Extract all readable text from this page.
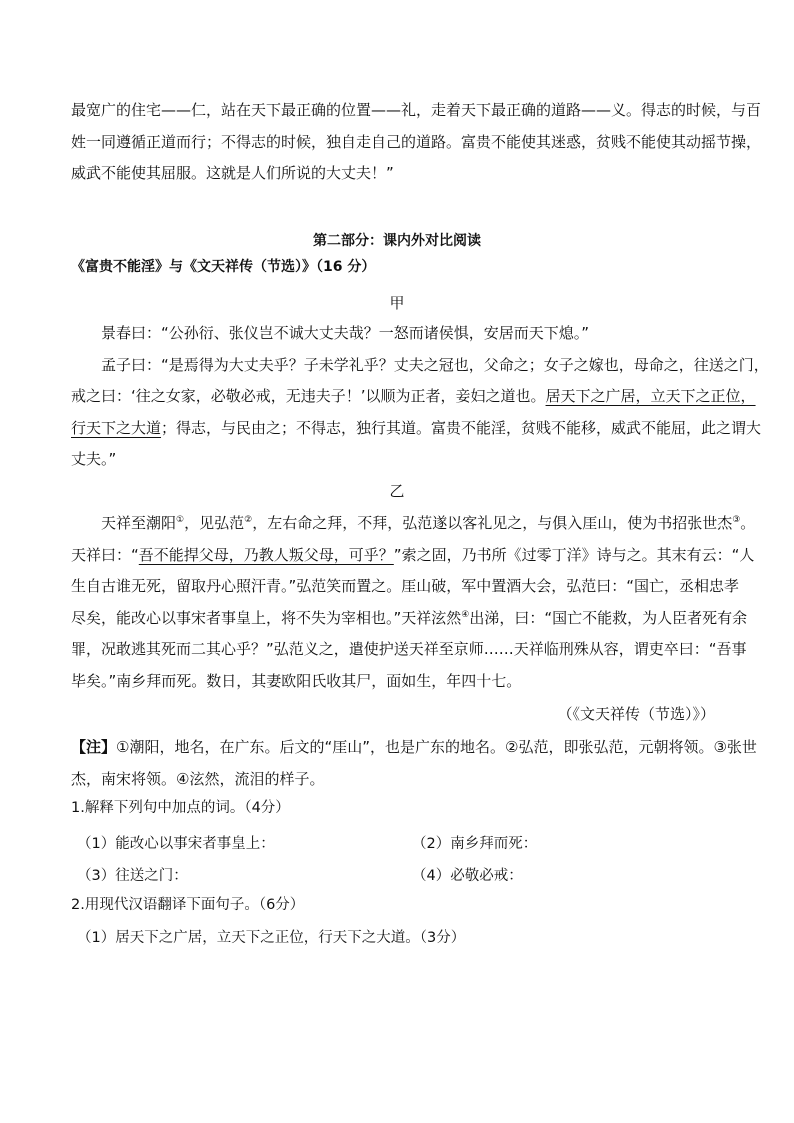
最宽广的住宅——仁，站在天下最正确的位置——礼，走着天下最正确的道路——义。得志的时候，与百
姓一同遵循正道而行；不得志的时候，独自走自己的道路。富贵不能使其迷惑，贫贱不能使其动摇节操，
威武不能使其屈服。这就是人们所说的大丈夫！”

第二部分：课内外对比阅读

《富贵不能淫》与《文天祥传（节选）》（16 分）

甲

景春曰：“公孙衍、张仪岂不诚大丈夫哉？一怒而诸侯惧，安居而天下熄。”
孟子曰：“是焉得为大丈夫乎？子未学礼乎？丈夫之冠也，父命之；女子之嫁也，母命之，往送之门，
戒之曰：‘往之女家，必敬必戒，无违夫子！’以顺为正者，妾妇之道也。居天下之广居，立天下之正位，
行天下之大道；得志，与民由之；不得志，独行其道。富贵不能淫，贫贱不能移，威武不能屈，此之谓大
丈夫。”

乙

天祥至潮阳①，见弘范②，左右命之拜，不拜，弘范遂以客礼见之，与俱入厓山，使为书招张世杰③。
天祥曰：“吾不能捍父母，乃教人叛父母，可乎？”索之固，乃书所《过零丁洋》诗与之。其末有云：“人
生自古谁无死，留取丹心照汗青。”弘范笑而置之。厓山破，军中置酒大会，弘范曰：“国亡，丞相忠孝
尽矣，能改心以事宋者事皇上，将不失为宰相也。”天祥泫然④出涕，曰：“国亡不能救，为人臣者死有余
罪，况敢逃其死而二其心乎？”弘范义之，遣使护送天祥至京师……天祥临刑殊从容，谓吏卒曰：“吾事
毕矣。”南乡拜而死。数日，其妻欧阳氏收其尸，面如生，年四十七。

（《文天祥传（节选）》）

【注】①潮阳，地名，在广东。后文的“厓山”，也是广东的地名。②弘范，即张弘范，元朝将领。③张世
杰，南宋将领。④泫然，流泪的样子。

1.解释下列句中加点的词。（4分）

（1）能改心以事宋者事皇上：	（2）南乡拜而死：
（3）往送之门：	（4）必敬必戒：

2.用现代汉语翻译下面句子。（6分）

（1）居天下之广居，立天下之正位，行天下之大道。（3分）
